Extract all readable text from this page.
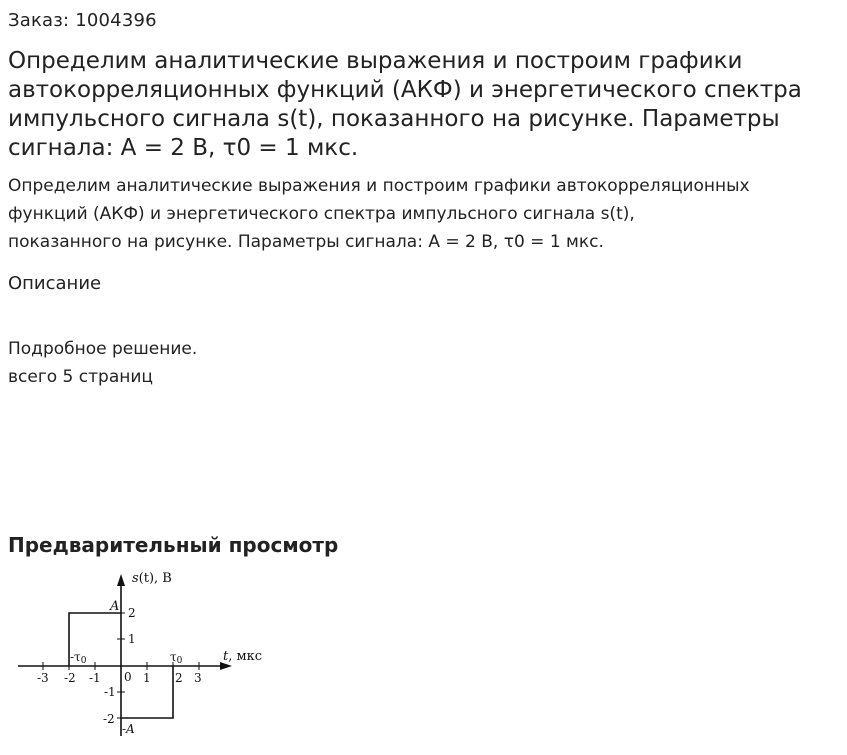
Заказ: 1004396
Определим аналитические выражения и построим графики автокорреляционных функций (АКФ) и энергетического спектра импульсного сигнала s(t), показанного на рисунке. Параметры сигнала: А = 2 В, τ0 = 1 мкс.
Определим аналитические выражения и построим графики автокорреляционных
функций (АКФ) и энергетического спектра импульсного сигнала s(t),
показанного на рисунке. Параметры сигнала: А = 2 В, τ0 = 1 мкс.
Описание
Подробное решение.
всего 5 страниц
Предварительный просмотр
s(t), В
t, мкс
A
-A
-τ0	τ0
-3 -2 -1 0 1 2 3
2
1
-1
-2
